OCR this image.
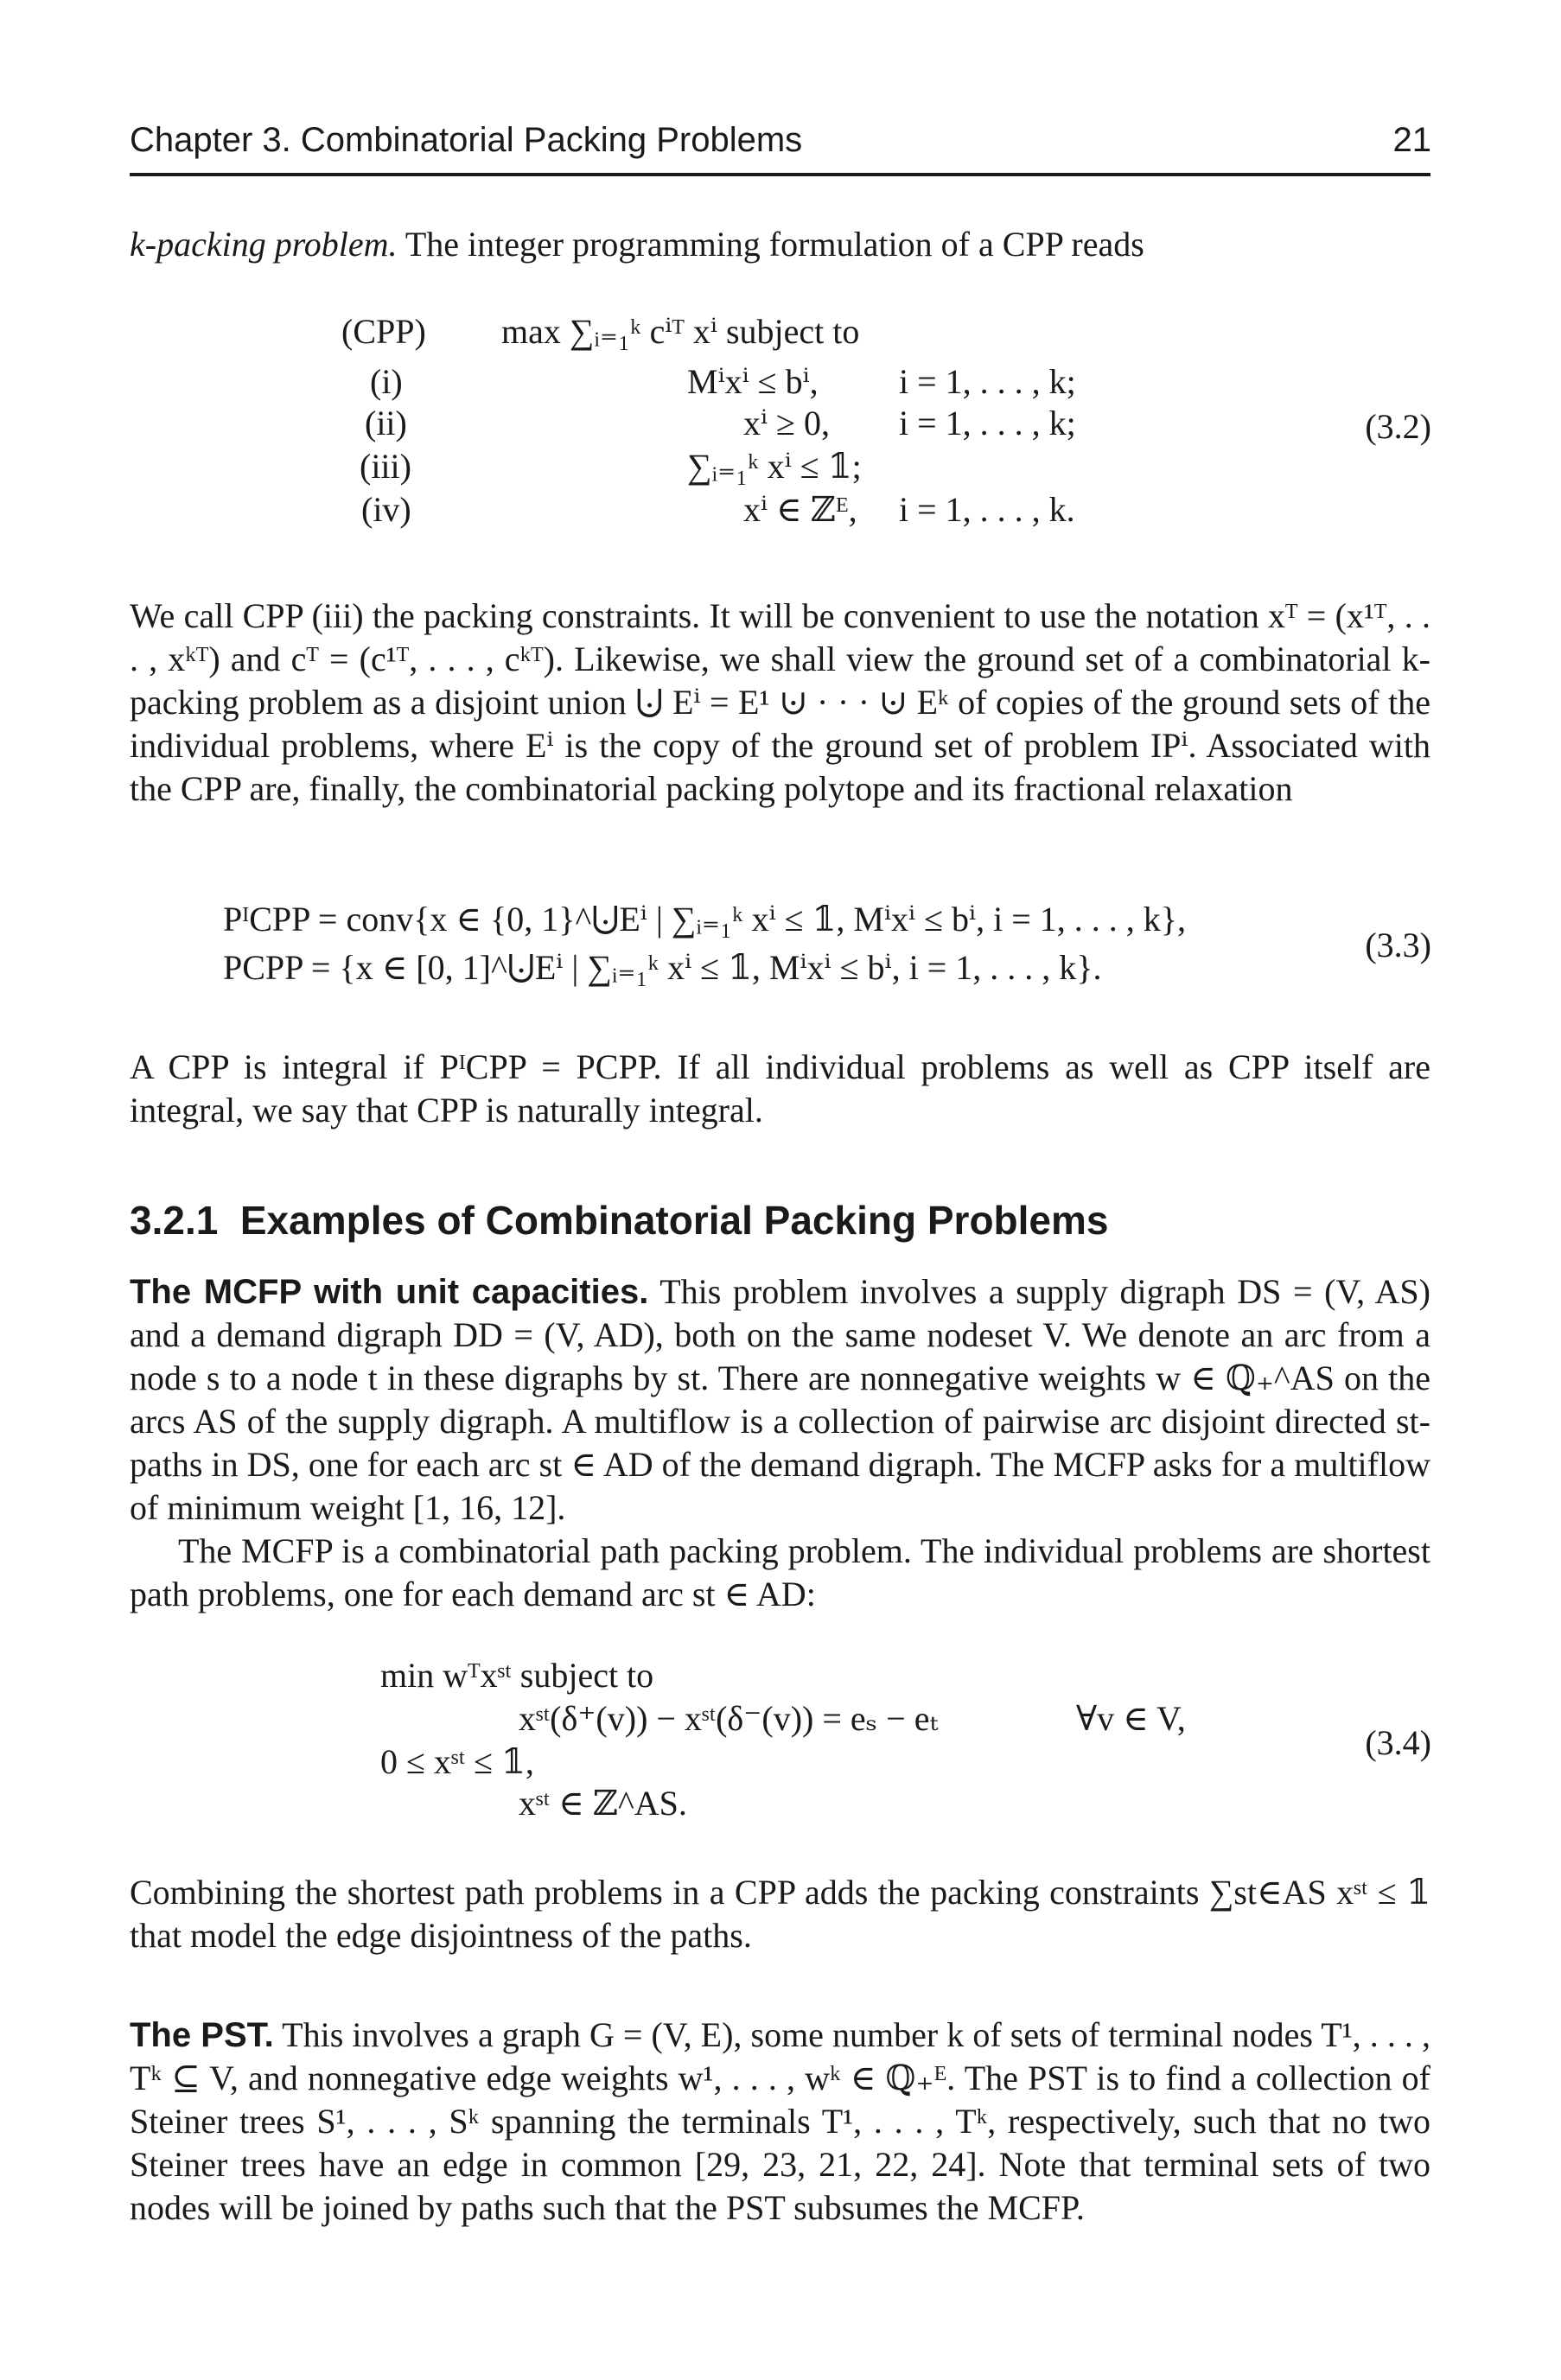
Chapter 3. Combinatorial Packing Problems	21

k-packing problem. The integer programming formulation of a CPP reads

(CPP) max ∑ᵢ₌₁ᵏ cⁱᵀ xⁱ subject to
(i)	Mⁱxⁱ ≤ bⁱ, i = 1, . . . , k;
(ii)	xⁱ ≥ 0, i = 1, . . . , k;
(iii)	∑ᵢ₌₁ᵏ xⁱ ≤ 𝟙;
(iv)	xⁱ ∈ ℤᴱ, i = 1, . . . , k.
(3.2)

We call CPP (iii) the packing constraints. It will be convenient to use the notation xᵀ = (x¹ᵀ, . . . , xᵏᵀ) and cᵀ = (c¹ᵀ, . . . , cᵏᵀ). Likewise, we shall view the ground set of a combinatorial k-packing problem as a disjoint union ⨃ Eⁱ = E¹ ⊍ · · · ⊍ Eᵏ of copies of the ground sets of the individual problems, where Eⁱ is the copy of the ground set of problem IPⁱ. Associated with the CPP are, finally, the combinatorial packing polytope and its fractional relaxation

PᴵCPP = conv{x ∈ {0, 1}^⨃Eⁱ | ∑ᵢ₌₁ᵏ xⁱ ≤ 𝟙, Mⁱxⁱ ≤ bⁱ, i = 1, . . . , k},
PCPP = {x ∈ [0, 1]^⨃Eⁱ | ∑ᵢ₌₁ᵏ xⁱ ≤ 𝟙, Mⁱxⁱ ≤ bⁱ, i = 1, . . . , k}.
(3.3)

A CPP is integral if PᴵCPP = PCPP. If all individual problems as well as CPP itself are integral, we say that CPP is naturally integral.

3.2.1 Examples of Combinatorial Packing Problems

The MCFP with unit capacities. This problem involves a supply digraph DS = (V, AS) and a demand digraph DD = (V, AD), both on the same nodeset V. We denote an arc from a node s to a node t in these digraphs by st. There are nonnegative weights w ∈ ℚ₊^AS on the arcs AS of the supply digraph. A multiflow is a collection of pairwise arc disjoint directed st-paths in DS, one for each arc st ∈ AD of the demand digraph. The MCFP asks for a multiflow of minimum weight [1, 16, 12].

The MCFP is a combinatorial path packing problem. The individual problems are shortest path problems, one for each demand arc st ∈ AD:

min wᵀxˢᵗ subject to
xˢᵗ(δ⁺(v)) − xˢᵗ(δ⁻(v)) = eₛ − eₜ	∀v ∈ V,
0 ≤ xˢᵗ ≤ 𝟙,
xˢᵗ ∈ ℤ^AS.
(3.4)

Combining the shortest path problems in a CPP adds the packing constraints ∑st∈AS xˢᵗ ≤ 𝟙 that model the edge disjointness of the paths.

The PST. This involves a graph G = (V, E), some number k of sets of terminal nodes T¹, . . . , Tᵏ ⊆ V, and nonnegative edge weights w¹, . . . , wᵏ ∈ ℚ₊ᴱ. The PST is to find a collection of Steiner trees S¹, . . . , Sᵏ spanning the terminals T¹, . . . , Tᵏ, respectively, such that no two Steiner trees have an edge in common [29, 23, 21, 22, 24]. Note that terminal sets of two nodes will be joined by paths such that the PST subsumes the MCFP.
